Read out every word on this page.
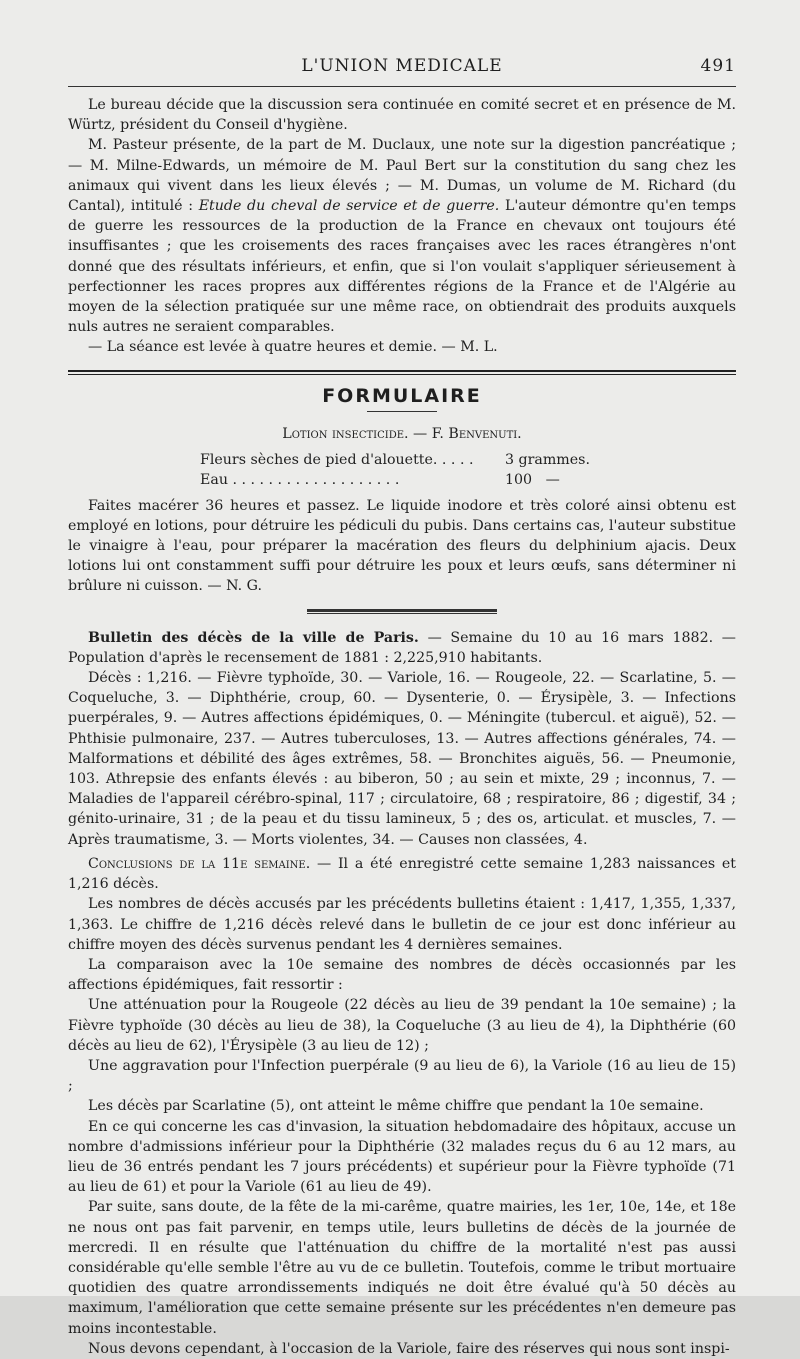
L'UNION MEDICALE	491

Le bureau décide que la discussion sera continuée en comité secret et en présence de M. Würtz, président du Conseil d'hygiène.

M. Pasteur présente, de la part de M. Duclaux, une note sur la digestion pancréatique ; — M. Milne-Edwards, un mémoire de M. Paul Bert sur la constitution du sang chez les animaux qui vivent dans les lieux élevés ; — M. Dumas, un volume de M. Richard (du Cantal), intitulé : Etude du cheval de service et de guerre. L'auteur démontre qu'en temps de guerre les ressources de la production de la France en chevaux ont toujours été insuffisantes ; que les croisements des races françaises avec les races étrangères n'ont donné que des résultats inférieurs, et enfin, que si l'on voulait s'appliquer sérieusement à perfectionner les races propres aux différentes régions de la France et de l'Algérie au moyen de la sélection pratiquée sur une même race, on obtiendrait des produits auxquels nuls autres ne seraient comparables.

— La séance est levée à quatre heures et demie. — M. L.

FORMULAIRE
Lotion insecticide. — F. Benvenuti.
Fleurs sèches de pied d'alouette. . . . .	3 grammes.
Eau . . . . . . . . . . . . . . . . . . .	100   —

Faites macérer 36 heures et passez. Le liquide inodore et très coloré ainsi obtenu est employé en lotions, pour détruire les pédiculi du pubis. Dans certains cas, l'auteur substitue le vinaigre à l'eau, pour préparer la macération des fleurs du delphinium ajacis. Deux lotions lui ont constamment suffi pour détruire les poux et leurs œufs, sans déterminer ni brûlure ni cuisson. — N. G.

Bulletin des décès de la ville de Paris. — Semaine du 10 au 16 mars 1882. — Population d'après le recensement de 1881 : 2,225,910 habitants.

Décès : 1,216. — Fièvre typhoïde, 30. — Variole, 16. — Rougeole, 22. — Scarlatine, 5. — Coqueluche, 3. — Diphthérie, croup, 60. — Dysenterie, 0. — Érysipèle, 3. — Infections puerpérales, 9. — Autres affections épidémiques, 0. — Méningite (tubercul. et aiguë), 52. — Phthisie pulmonaire, 237. — Autres tuberculoses, 13. — Autres affections générales, 74. — Malformations et débilité des âges extrêmes, 58. — Bronchites aiguës, 56. — Pneumonie, 103. Athrepsie des enfants élevés : au biberon, 50 ; au sein et mixte, 29 ; inconnus, 7. — Maladies de l'appareil cérébro-spinal, 117 ; circulatoire, 68 ; respiratoire, 86 ; digestif, 34 ; génito-urinaire, 31 ; de la peau et du tissu lamineux, 5 ; des os, articulat. et muscles, 7. — Après traumatisme, 3. — Morts violentes, 34. — Causes non classées, 4.

Conclusions de la 11e semaine. — Il a été enregistré cette semaine 1,283 naissances et 1,216 décès.

Les nombres de décès accusés par les précédents bulletins étaient : 1,417, 1,355, 1,337, 1,363. Le chiffre de 1,216 décès relevé dans le bulletin de ce jour est donc inférieur au chiffre moyen des décès survenus pendant les 4 dernières semaines.

La comparaison avec la 10e semaine des nombres de décès occasionnés par les affections épidémiques, fait ressortir :

Une atténuation pour la Rougeole (22 décès au lieu de 39 pendant la 10e semaine) ; la Fièvre typhoïde (30 décès au lieu de 38), la Coqueluche (3 au lieu de 4), la Diphthérie (60 décès au lieu de 62), l'Érysipèle (3 au lieu de 12) ;

Une aggravation pour l'Infection puerpérale (9 au lieu de 6), la Variole (16 au lieu de 15) ;

Les décès par Scarlatine (5), ont atteint le même chiffre que pendant la 10e semaine.

En ce qui concerne les cas d'invasion, la situation hebdomadaire des hôpitaux, accuse un nombre d'admissions inférieur pour la Diphthérie (32 malades reçus du 6 au 12 mars, au lieu de 36 entrés pendant les 7 jours précédents) et supérieur pour la Fièvre typhoïde (71 au lieu de 61) et pour la Variole (61 au lieu de 49).

Par suite, sans doute, de la fête de la mi-carême, quatre mairies, les 1er, 10e, 14e, et 18e ne nous ont pas fait parvenir, en temps utile, leurs bulletins de décès de la journée de mercredi. Il en résulte que l'atténuation du chiffre de la mortalité n'est pas aussi considérable qu'elle semble l'être au vu de ce bulletin. Toutefois, comme le tribut mortuaire quotidien des quatre arrondissements indiqués ne doit être évalué qu'à 50 décès au maximum, l'amélioration que cette semaine présente sur les précédentes n'en demeure pas moins incontestable.

Nous devons cependant, à l'occasion de la Variole, faire des réserves qui nous sont inspi-
